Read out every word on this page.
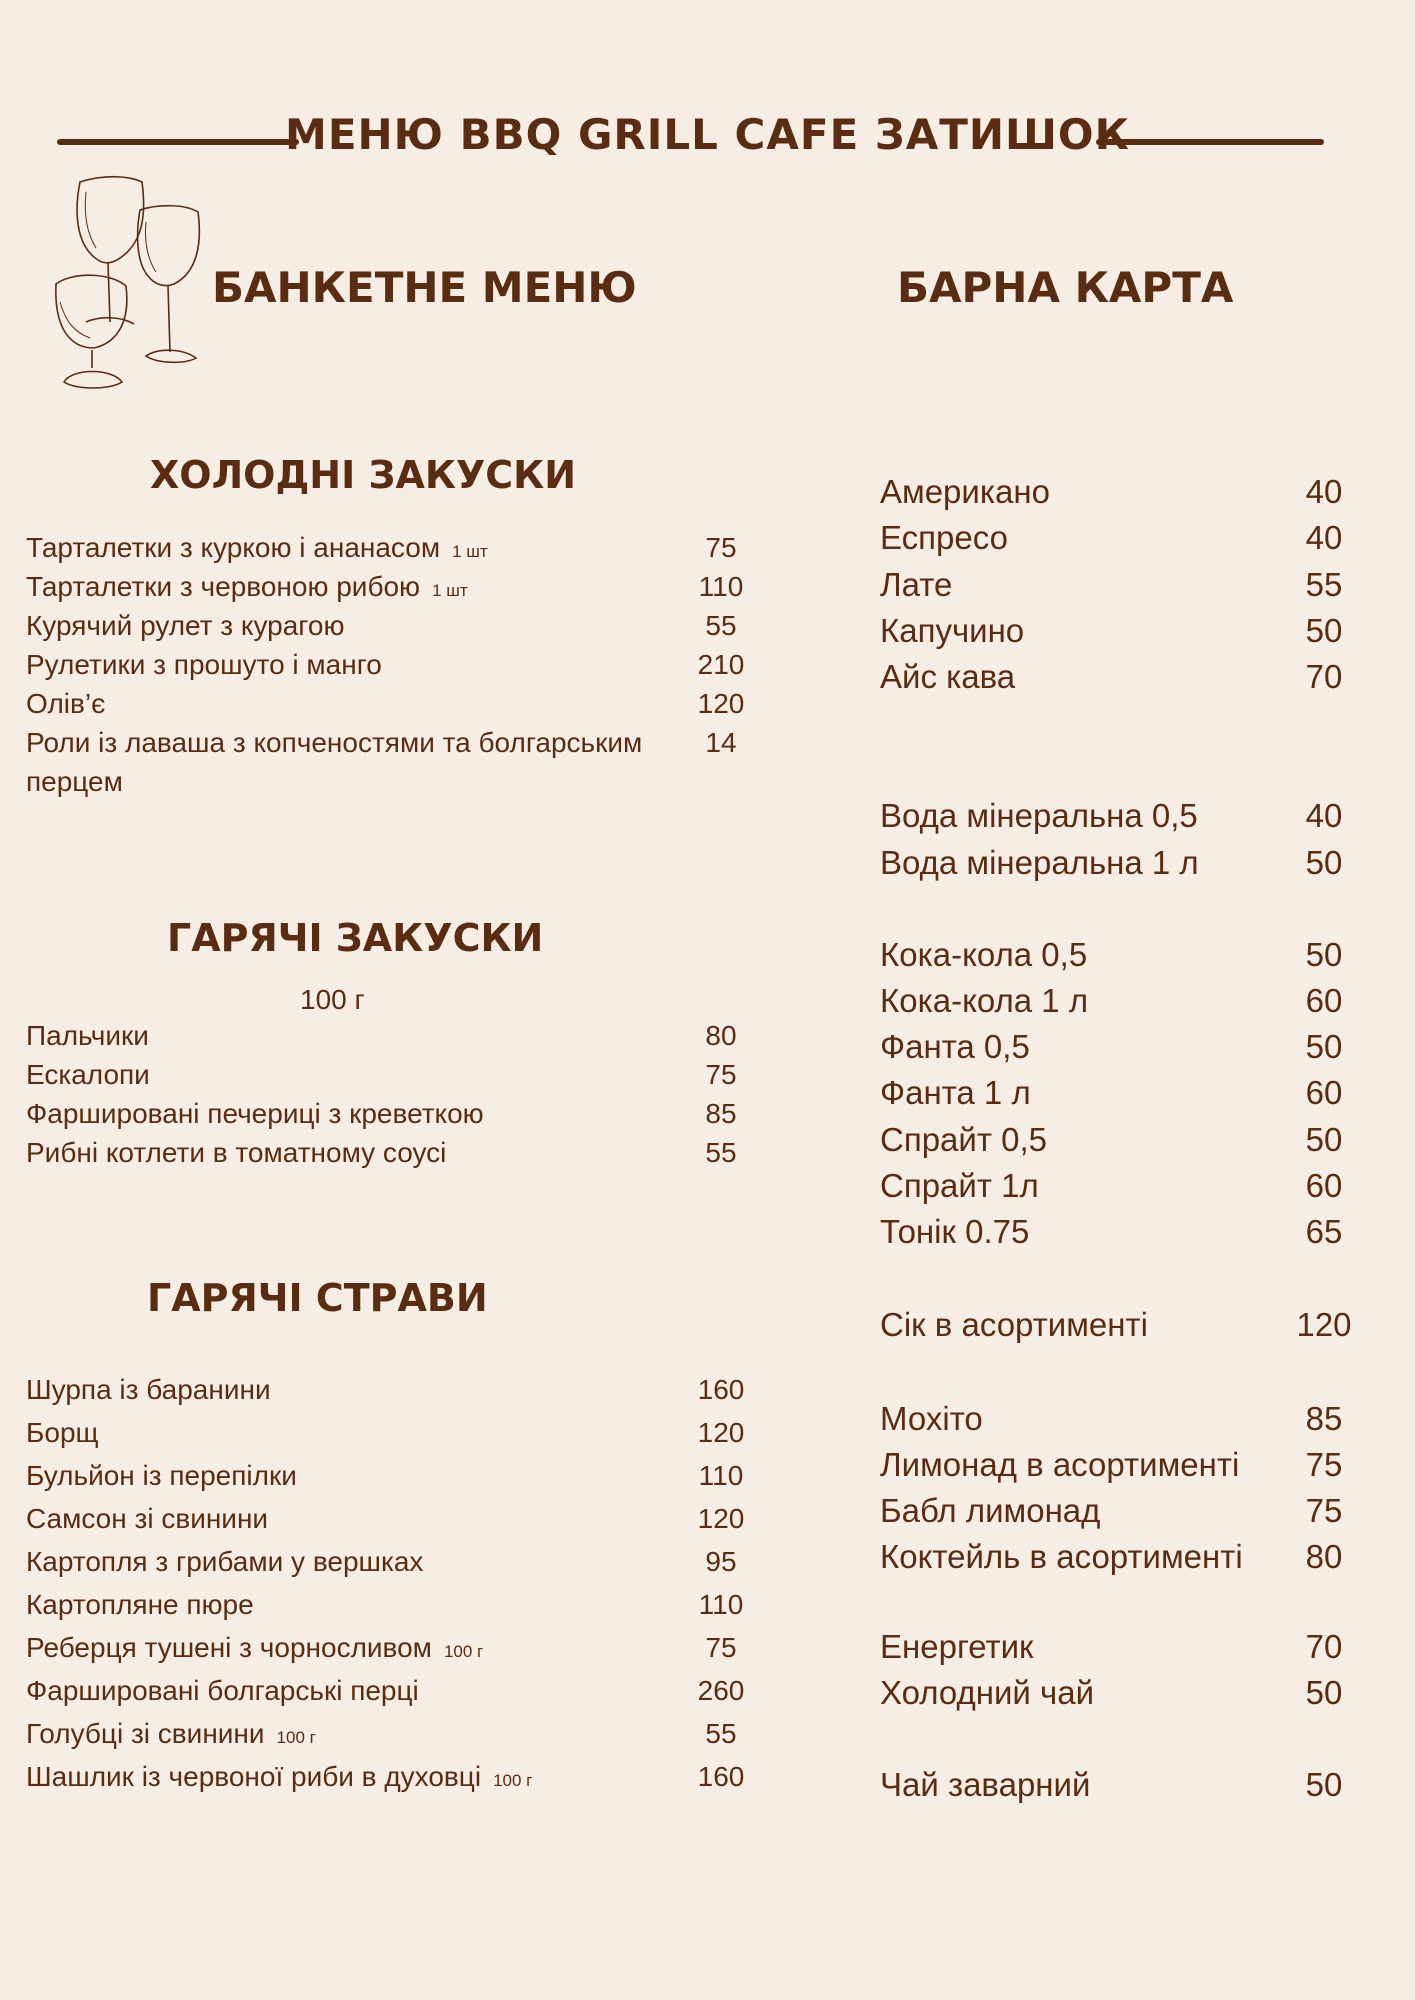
МЕНЮ BBQ GRILL CAFE ЗАТИШОК
БАНКЕТНЕ МЕНЮ	БАРНА КАРТА
ХОЛОДНІ ЗАКУСКИ
ГАРЯЧІ ЗАКУСКИ
100 г
ГАРЯЧІ СТРАВИ
Тарталетки з куркою і ананасом 1 шт	75
Тарталетки з червоною рибою 1 шт	110
Курячий рулет з курагою	55
Рулетики з прошуто і манго	210
Олів’є	120
Роли із лаваша з копченостями та болгарським	14
перцем
Пальчики	80
Ескалопи	75
Фаршировані печериці з креветкою	85
Рибні котлети в томатному соусі	55
Шурпа із баранини	160
Борщ	120
Бульйон із перепілки	110
Самсон зі свинини	120
Картопля з грибами у вершках	95
Картопляне пюре	110
Реберця тушені з чорносливом 100 г	75
Фаршировані болгарські перці	260
Голубці зі свинини 100 г	55
Шашлик із червоної риби в духовці 100 г	160
Американо	40
Еспресо	40
Лате	55
Капучино	50
Айс кава	70
Вода мінеральна 0,5	40
Вода мінеральна 1 л	50
Кока-кола 0,5	50
Кока-кола 1 л	60
Фанта 0,5	50
Фанта 1 л	60
Спрайт 0,5	50
Спрайт 1л	60
Тонік 0.75	65
Сік в асортименті	120
Мохіто	85
Лимонад в асортименті	75
Бабл лимонад	75
Коктейль в асортименті	80
Енергетик	70
Холодний чай	50
Чай заварний	50
